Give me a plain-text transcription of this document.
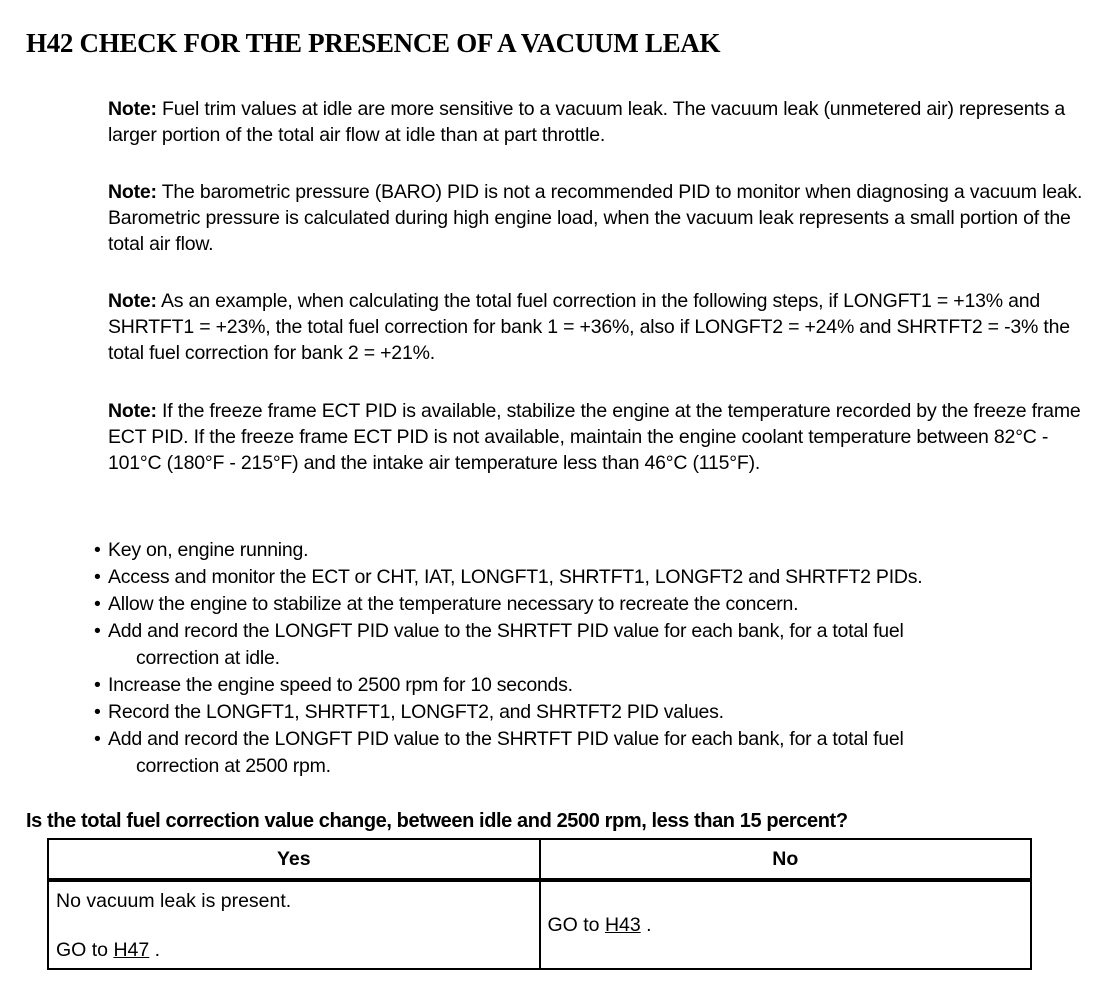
H42 CHECK FOR THE PRESENCE OF A VACUUM LEAK

Note: Fuel trim values at idle are more sensitive to a vacuum leak. The vacuum leak (unmetered air) represents a larger portion of the total air flow at idle than at part throttle.

Note: The barometric pressure (BARO) PID is not a recommended PID to monitor when diagnosing a vacuum leak. Barometric pressure is calculated during high engine load, when the vacuum leak represents a small portion of the total air flow.

Note: As an example, when calculating the total fuel correction in the following steps, if LONGFT1 = +13% and SHRTFT1 = +23%, the total fuel correction for bank 1 = +36%, also if LONGFT2 = +24% and SHRTFT2 = -3% the total fuel correction for bank 2 = +21%.

Note: If the freeze frame ECT PID is available, stabilize the engine at the temperature recorded by the freeze frame ECT PID. If the freeze frame ECT PID is not available, maintain the engine coolant temperature between 82°C - 101°C (180°F - 215°F) and the intake air temperature less than 46°C (115°F).

• Key on, engine running.
• Access and monitor the ECT or CHT, IAT, LONGFT1, SHRTFT1, LONGFT2 and SHRTFT2 PIDs.
• Allow the engine to stabilize at the temperature necessary to recreate the concern.
• Add and record the LONGFT PID value to the SHRTFT PID value for each bank, for a total fuel
correction at idle.
• Increase the engine speed to 2500 rpm for 10 seconds.
• Record the LONGFT1, SHRTFT1, LONGFT2, and SHRTFT2 PID values.
• Add and record the LONGFT PID value to the SHRTFT PID value for each bank, for a total fuel
correction at 2500 rpm.

Is the total fuel correction value change, between idle and 2500 rpm, less than 15 percent?

Yes	No

No vacuum leak is present.
GO to H47 .	GO to H43 .
